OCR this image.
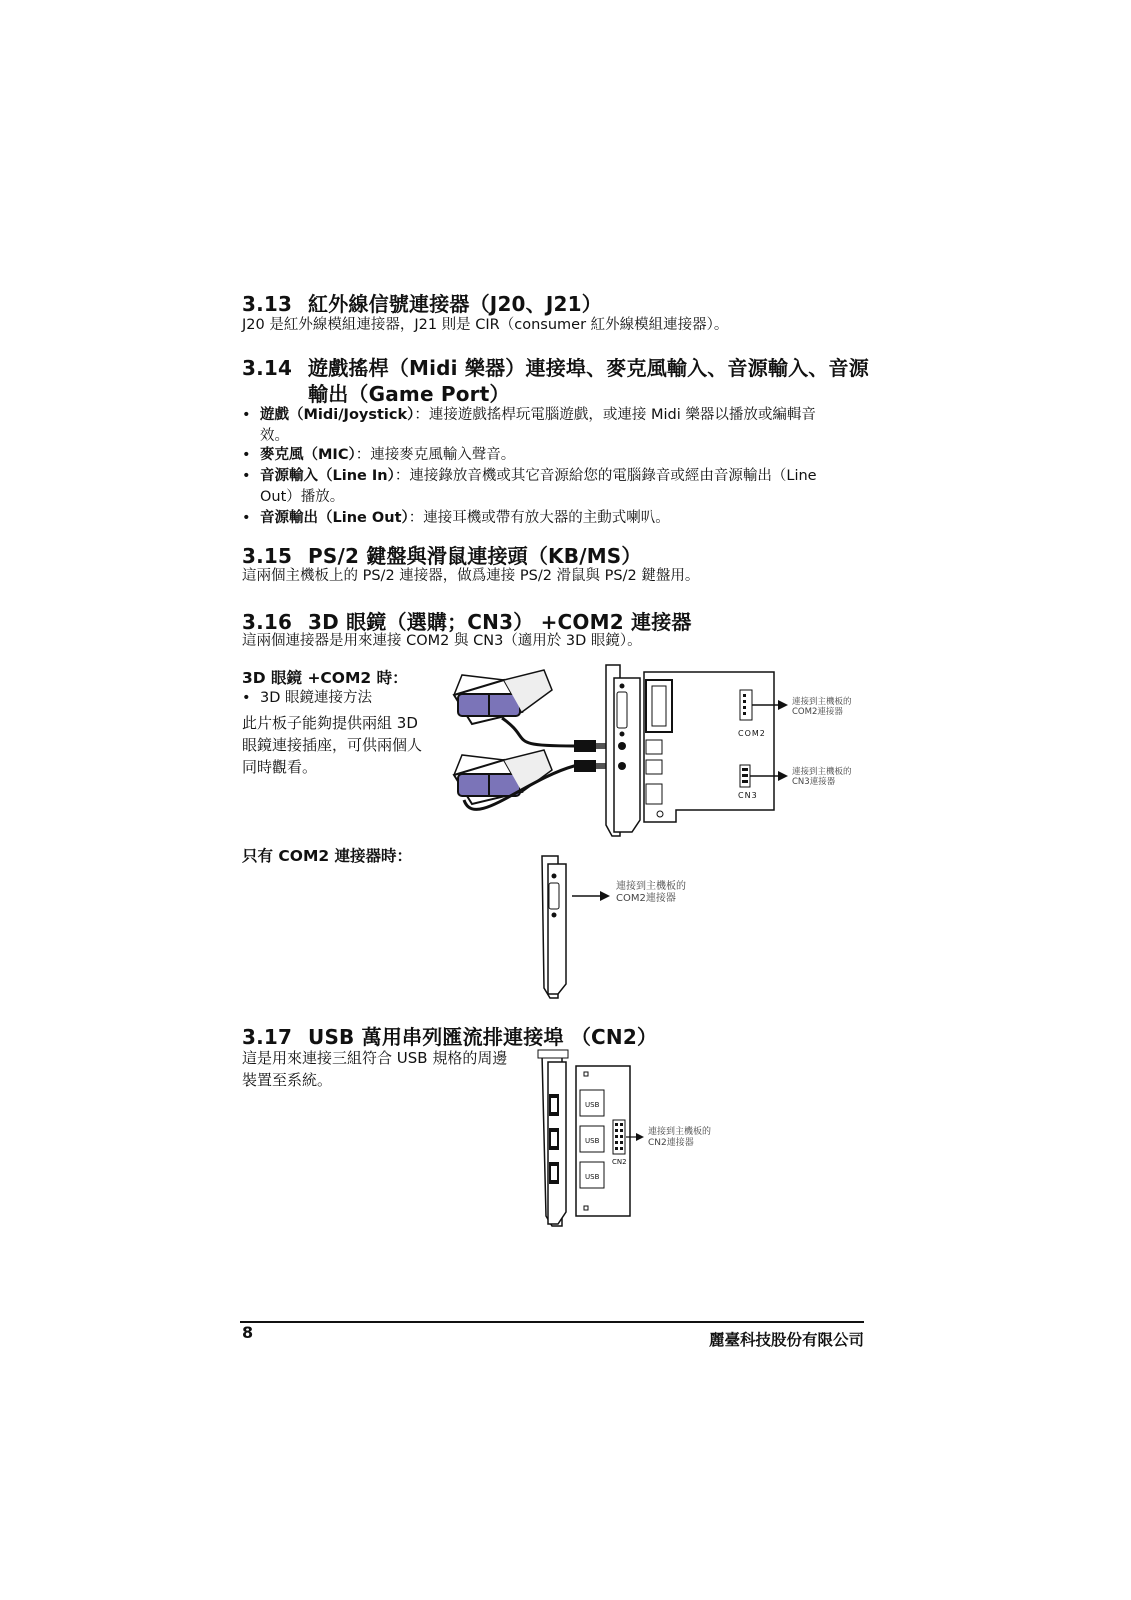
3.13 紅外線信號連接器（J20、J21）

J20 是紅外線模組連接器，J21 則是 CIR（consumer 紅外線模組連接器）。

3.14 遊戲搖桿（Midi 樂器）連接埠、麥克風輸入、音源輸入、音源
輸出（Game Port）
• 遊戲（Midi/Joystick）：連接遊戲搖桿玩電腦遊戲，或連接 Midi 樂器以播放或編輯音
效。
• 麥克風（MIC）：連接麥克風輸入聲音。
• 音源輸入（Line In）：連接錄放音機或其它音源給您的電腦錄音或經由音源輸出（Line
Out）播放。
• 音源輸出（Line Out）：連接耳機或帶有放大器的主動式喇叭。
3.15 PS/2 鍵盤與滑鼠連接頭（KB/MS）

這兩個主機板上的 PS/2 連接器，做爲連接 PS/2 滑鼠與 PS/2 鍵盤用。

3.16 3D 眼鏡（選購；CN3） +COM2 連接器

這兩個連接器是用來連接 COM2 與 CN3（適用於 3D 眼鏡）。

3D 眼鏡 +COM2 時：
• 3D 眼鏡連接方法

此片板子能夠提供兩組 3D

眼鏡連接插座，可供兩個人

同時觀看。

COM2
CN3
連接到主機板的
COM2連接器
連接到主機板的
CN3連接器
只有 COM2 連接器時：
連接到主機板的
COM2連接器
3.17 USB 萬用串列匯流排連接埠 （CN2）

這是用來連接三組符合 USB 規格的周邊

裝置至系統。

USB
USB
USB
CN2
連接到主機板的
CN2連接器
8	麗臺科技股份有限公司
